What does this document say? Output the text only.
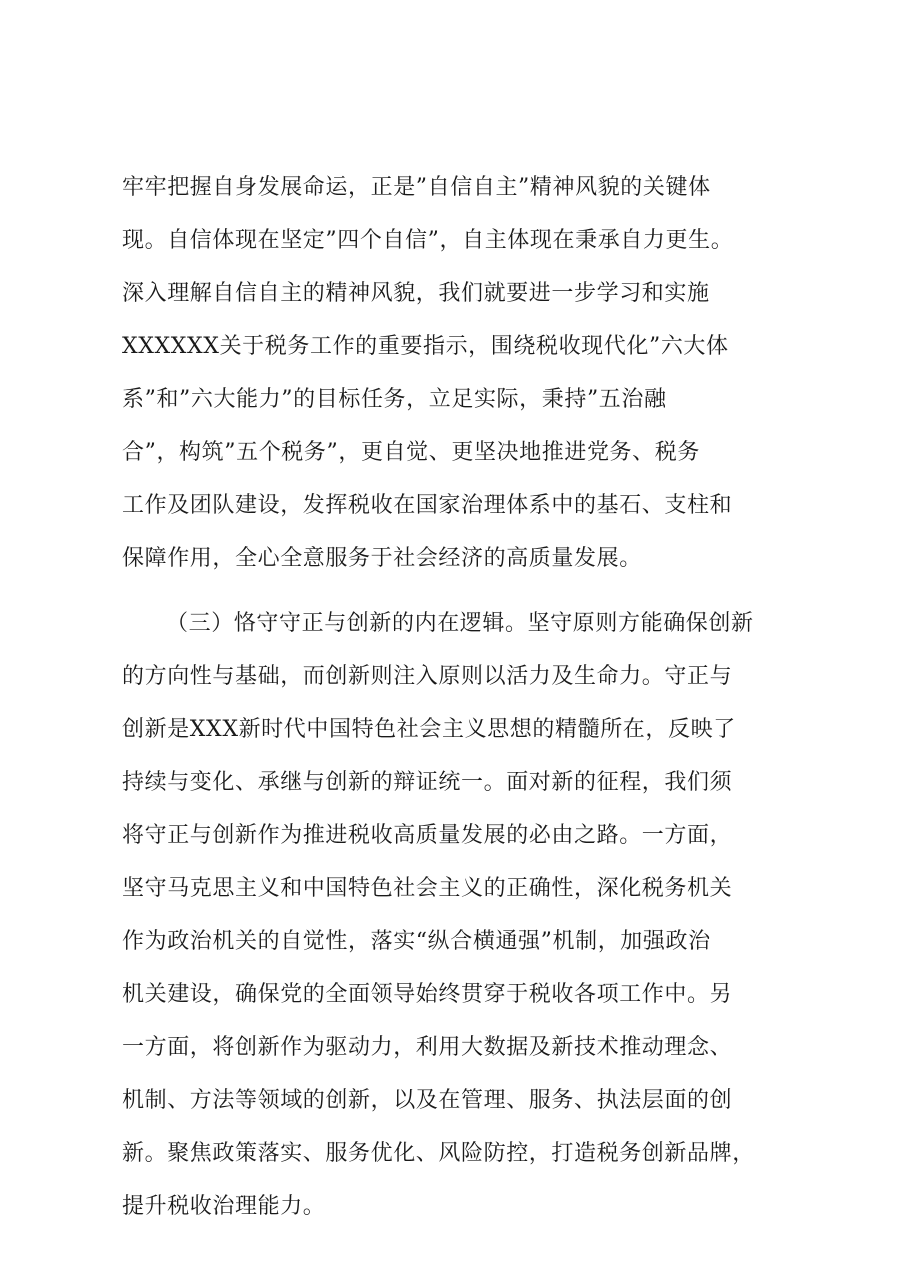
牢牢把握自身发展命运，正是”自信自主”精神风貌的关键体

现。自信体现在坚定”四个自信”，自主体现在秉承自力更生。

深入理解自信自主的精神风貌，我们就要进一步学习和实施

XXXXXX关于税务工作的重要指示，围绕税收现代化”六大体

系”和”六大能力”的目标任务，立足实际，秉持”五治融

合”，构筑”五个税务”，更自觉、更坚决地推进党务、税务

工作及团队建设，发挥税收在国家治理体系中的基石、支柱和

保障作用，全心全意服务于社会经济的高质量发展。

（三）恪守守正与创新的内在逻辑。坚守原则方能确保创新

的方向性与基础，而创新则注入原则以活力及生命力。守正与

创新是XXX新时代中国特色社会主义思想的精髓所在，反映了

持续与变化、承继与创新的辩证统一。面对新的征程，我们须

将守正与创新作为推进税收高质量发展的必由之路。一方面，

坚守马克思主义和中国特色社会主义的正确性，深化税务机关

作为政治机关的自觉性，落实“纵合横通强”机制，加强政治

机关建设，确保党的全面领导始终贯穿于税收各项工作中。另

一方面，将创新作为驱动力，利用大数据及新技术推动理念、

机制、方法等领域的创新，以及在管理、服务、执法层面的创

新。聚焦政策落实、服务优化、风险防控，打造税务创新品牌，

提升税收治理能力。
